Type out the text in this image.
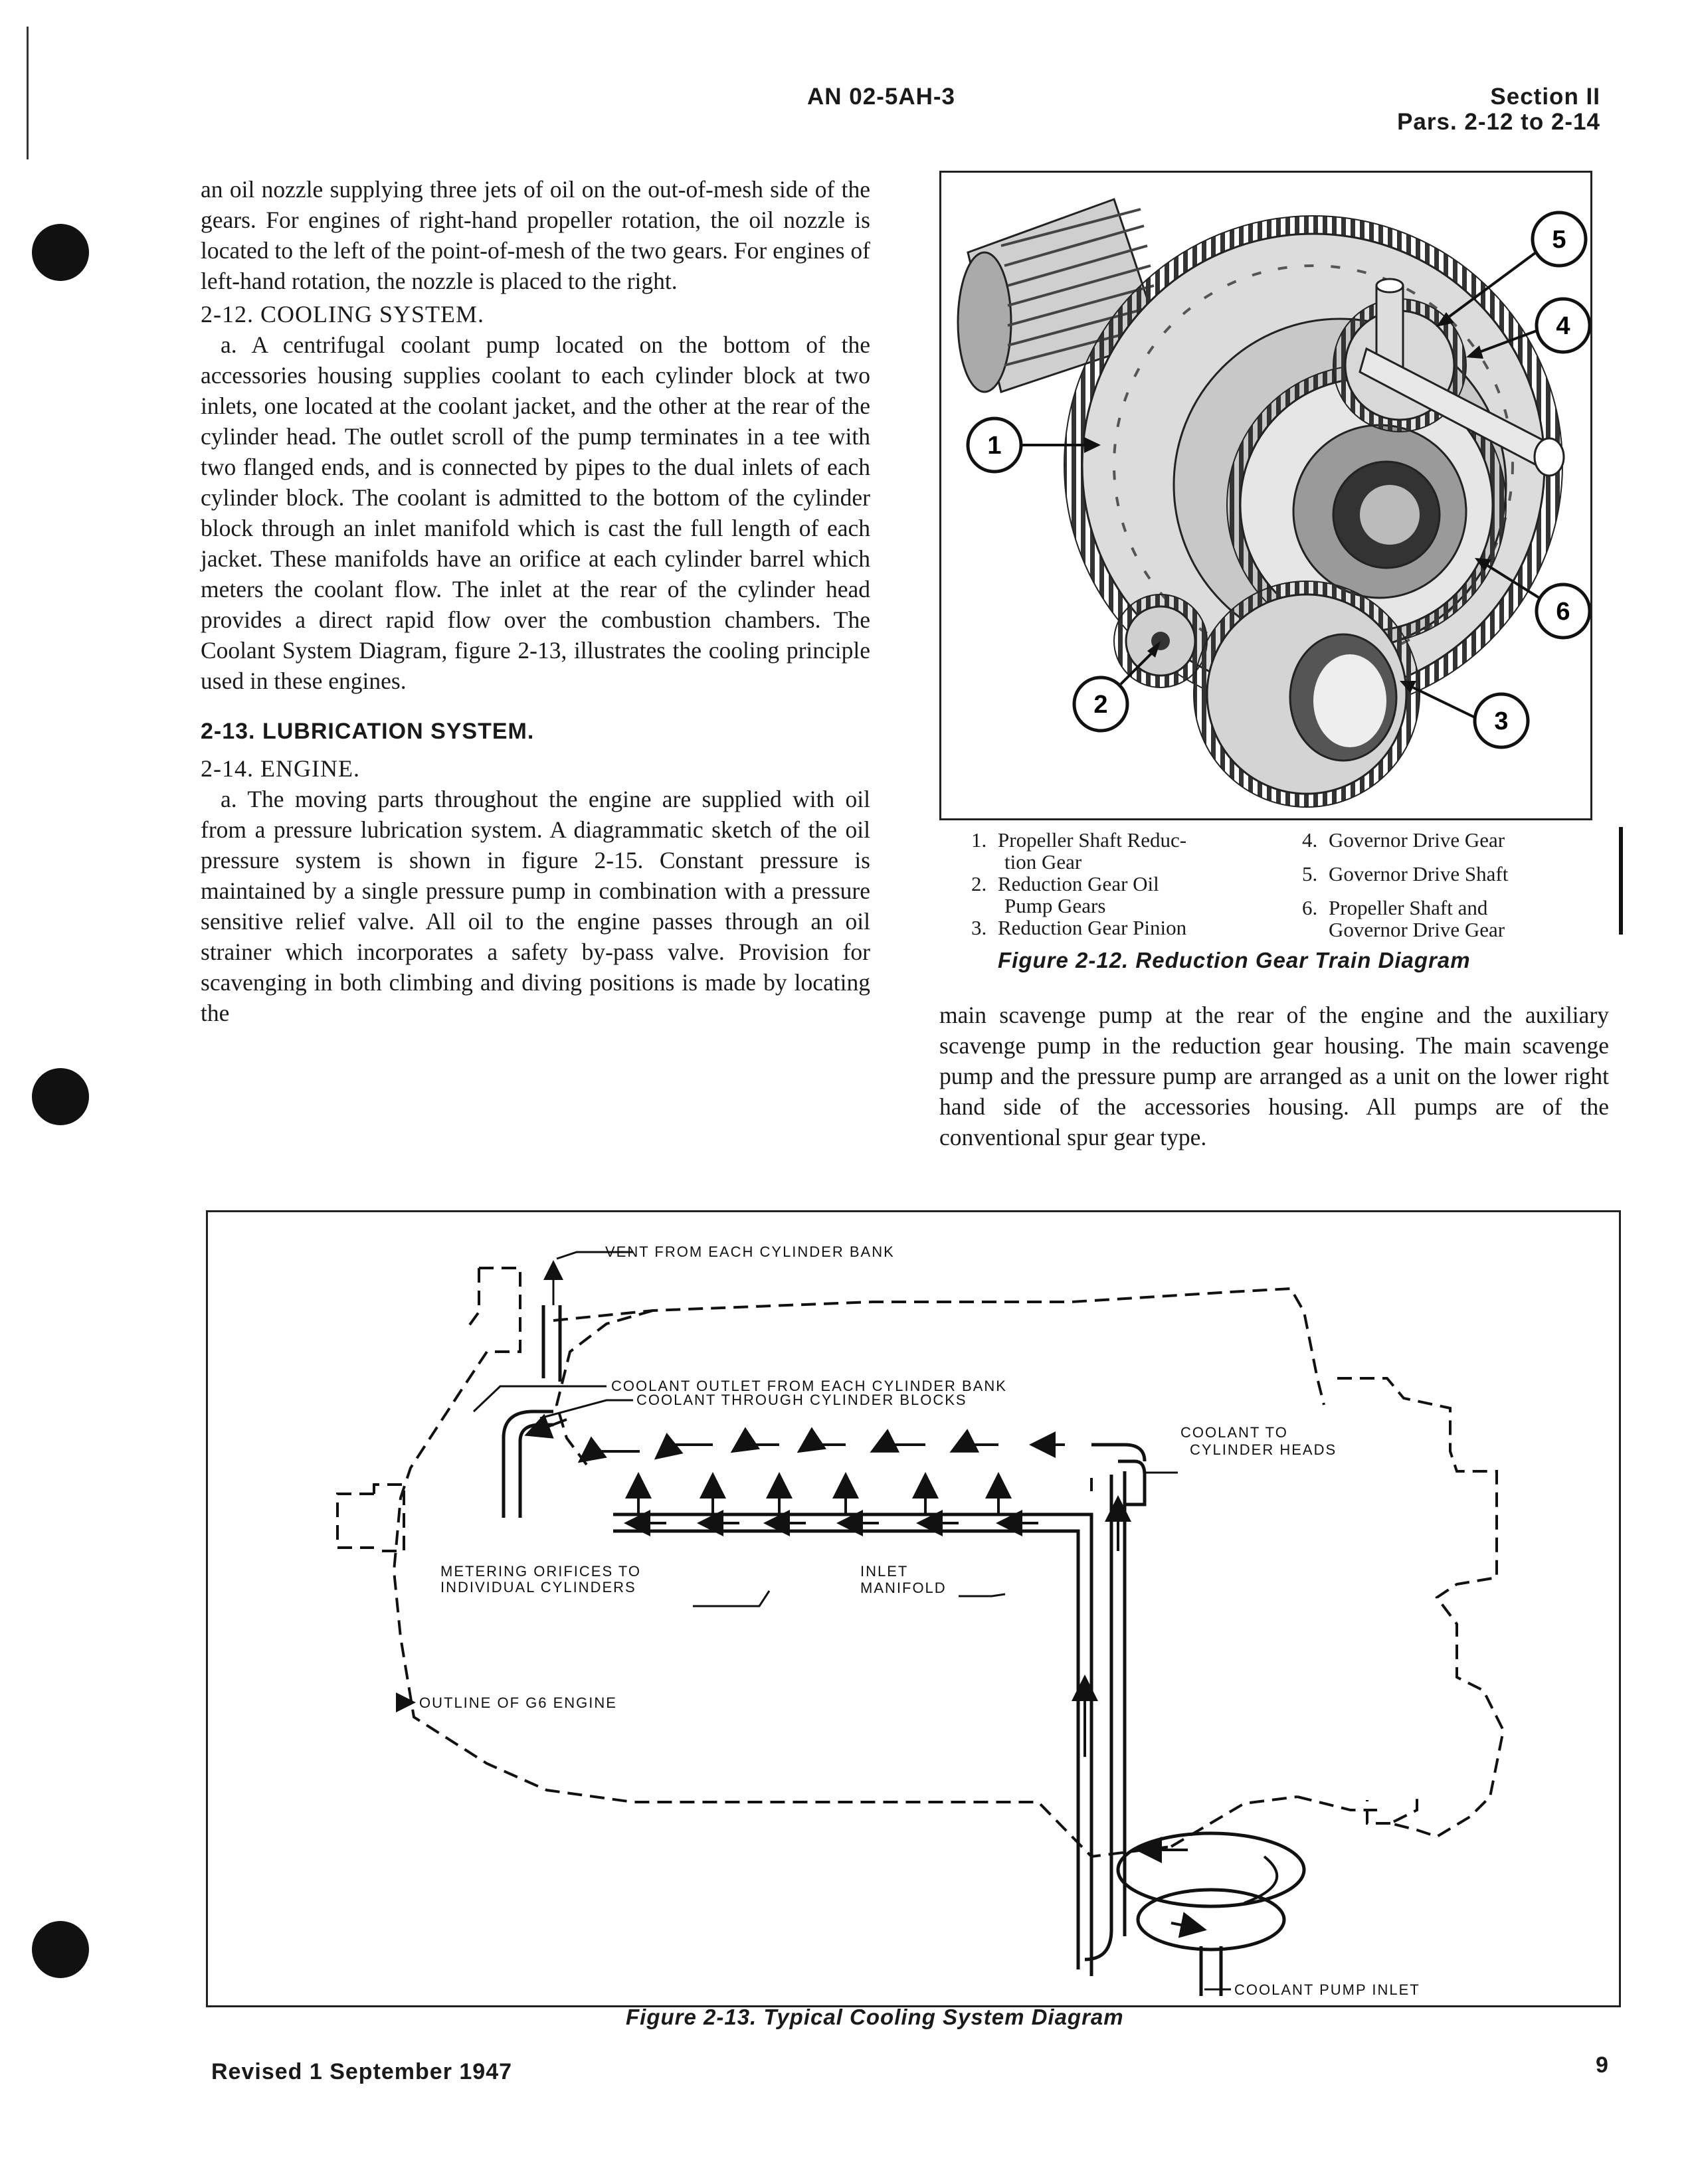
AN 02-5AH-3	Section II
Pars. 2-12 to 2-14

an oil nozzle supplying three jets of oil on the out-of-mesh side of the gears. For engines of right-hand propeller rotation, the oil nozzle is located to the left of the point-of-mesh of the two gears. For engines of left-hand rotation, the nozzle is placed to the right.

2-12. COOLING SYSTEM.

a. A centrifugal coolant pump located on the bottom of the accessories housing supplies coolant to each cylinder block at two inlets, one located at the coolant jacket, and the other at the rear of the cylinder head. The outlet scroll of the pump terminates in a tee with two flanged ends, and is connected by pipes to the dual inlets of each cylinder block. The coolant is admitted to the bottom of the cylinder block through an inlet manifold which is cast the full length of each jacket. These manifolds have an orifice at each cylinder barrel which meters the coolant flow. The inlet at the rear of the cylinder head provides a direct rapid flow over the combustion chambers. The Coolant System Diagram, figure 2-13, illustrates the cooling principle used in these engines.

2-13. LUBRICATION SYSTEM.

2-14. ENGINE.

a. The moving parts throughout the engine are supplied with oil from a pressure lubrication system. A diagrammatic sketch of the oil pressure system is shown in figure 2-15. Constant pressure is maintained by a single pressure pump in combination with a pressure sensitive relief valve. All oil to the engine passes through an oil strainer which incorporates a safety by-pass valve. Provision for scavenging in both climbing and diving positions is made by locating the

1
2
3
4
5
6
1. Propeller Shaft Reduc-
tion Gear
2. Reduction Gear Oil
Pump Gears
3. Reduction Gear Pinion
4. Governor Drive Gear
5. Governor Drive Shaft
6. Propeller Shaft and
Governor Drive Gear
Figure 2-12. Reduction Gear Train Diagram
main scavenge pump at the rear of the engine and the auxiliary scavenge pump in the reduction gear housing. The main scavenge pump and the pressure pump are arranged as a unit on the lower right hand side of the accessories housing. All pumps are of the conventional spur gear type.
VENT FROM EACH CYLINDER BANK
COOLANT OUTLET FROM EACH CYLINDER BANK
COOLANT THROUGH CYLINDER BLOCKS
COOLANT TO
CYLINDER HEADS
METERING ORIFICES TO
INDIVIDUAL CYLINDERS
INLET
MANIFOLD
OUTLINE OF G6 ENGINE
COOLANT PUMP INLET
Figure 2-13. Typical Cooling System Diagram
Revised 1 September 1947	9
